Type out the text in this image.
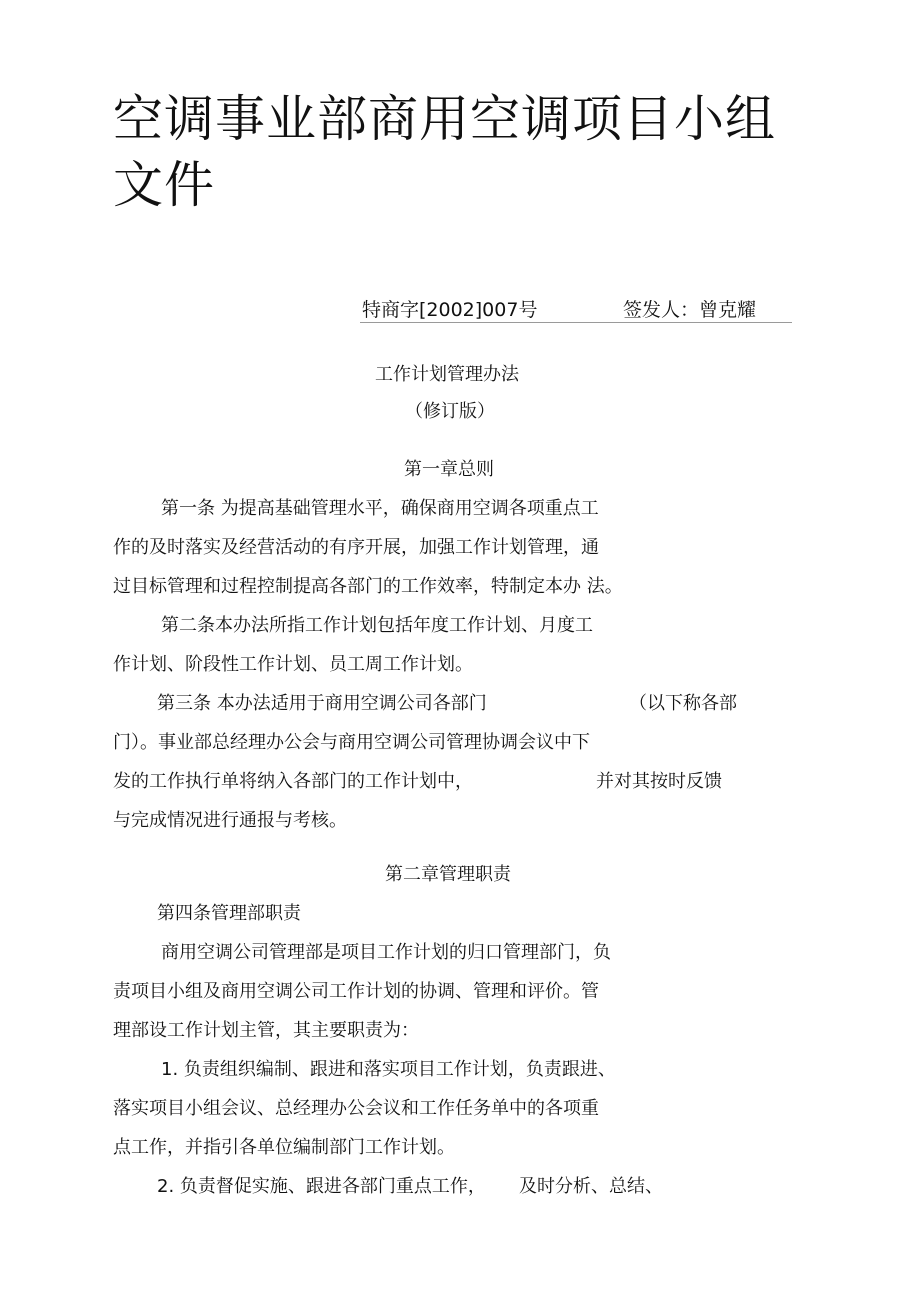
空调事业部商用空调项目小组
文件
特商字[2002]007号	签发人：曾克耀
工作计划管理办法
（修订版）
第一章总则
第一条 为提高基础管理水平，确保商用空调各项重点工
作的及时落实及经营活动的有序开展，加强工作计划管理，通
过目标管理和过程控制提高各部门的工作效率，特制定本办 法。
第二条本办法所指工作计划包括年度工作计划、月度工
作计划、阶段性工作计划、员工周工作计划。
第三条 本办法适用于商用空调公司各部门	（以下称各部
门）。事业部总经理办公会与商用空调公司管理协调会议中下
发的工作执行单将纳入各部门的工作计划中，	并对其按时反馈
与完成情况进行通报与考核。
第二章管理职责
第四条管理部职责
商用空调公司管理部是项目工作计划的归口管理部门，负
责项目小组及商用空调公司工作计划的协调、管理和评价。管
理部设工作计划主管，其主要职责为：
1. 负责组织编制、跟进和落实项目工作计划，负责跟进、
落实项目小组会议、总经理办公会议和工作任务单中的各项重
点工作，并指引各单位编制部门工作计划。
2. 负责督促实施、跟进各部门重点工作， 及时分析、总结、
